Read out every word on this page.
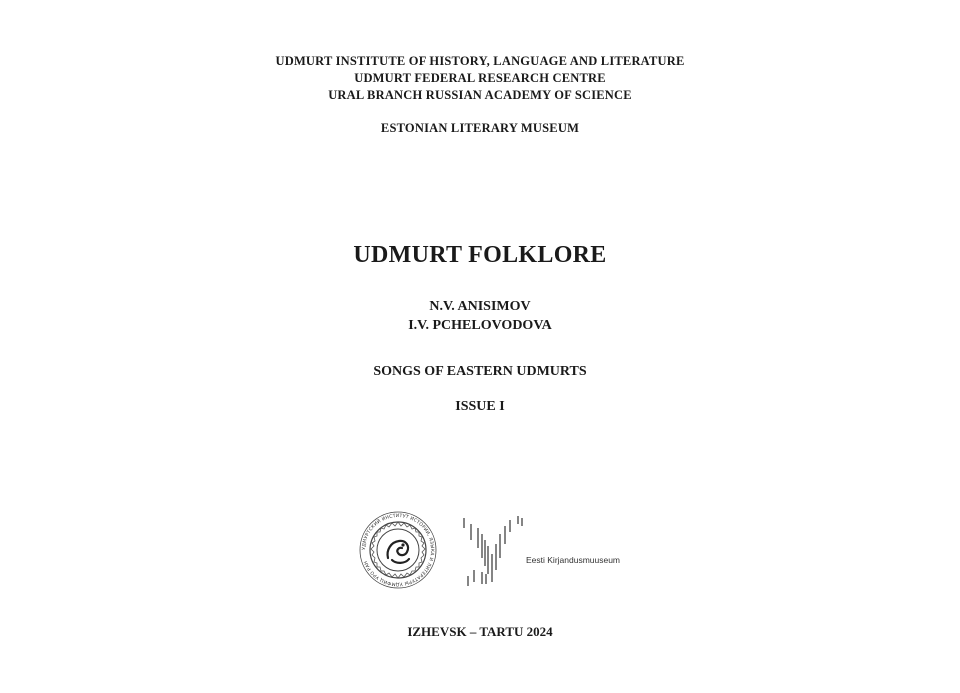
UDMURT INSTITUTE OF HISTORY, LANGUAGE AND LITERATURE
UDMURT FEDERAL RESEARCH CENTRE
URAL BRANCH RUSSIAN ACADEMY OF SCIENCE
ESTONIAN LITERARY MUSEUM
UDMURT FOLKLORE
N.V. ANISIMOV
I.V. PCHELOVODOVA
SONGS OF EASTERN UDMURTS
ISSUE I
УДМУРТСКИЙ ИНСТИТУТ ИСТОРИИ, ЯЗЫКА И ЛИТЕРАТУРЫ УДМФИЦ УРО РАН	Eesti Kirjandusmuuseum
IZHEVSK – TARTU 2024
